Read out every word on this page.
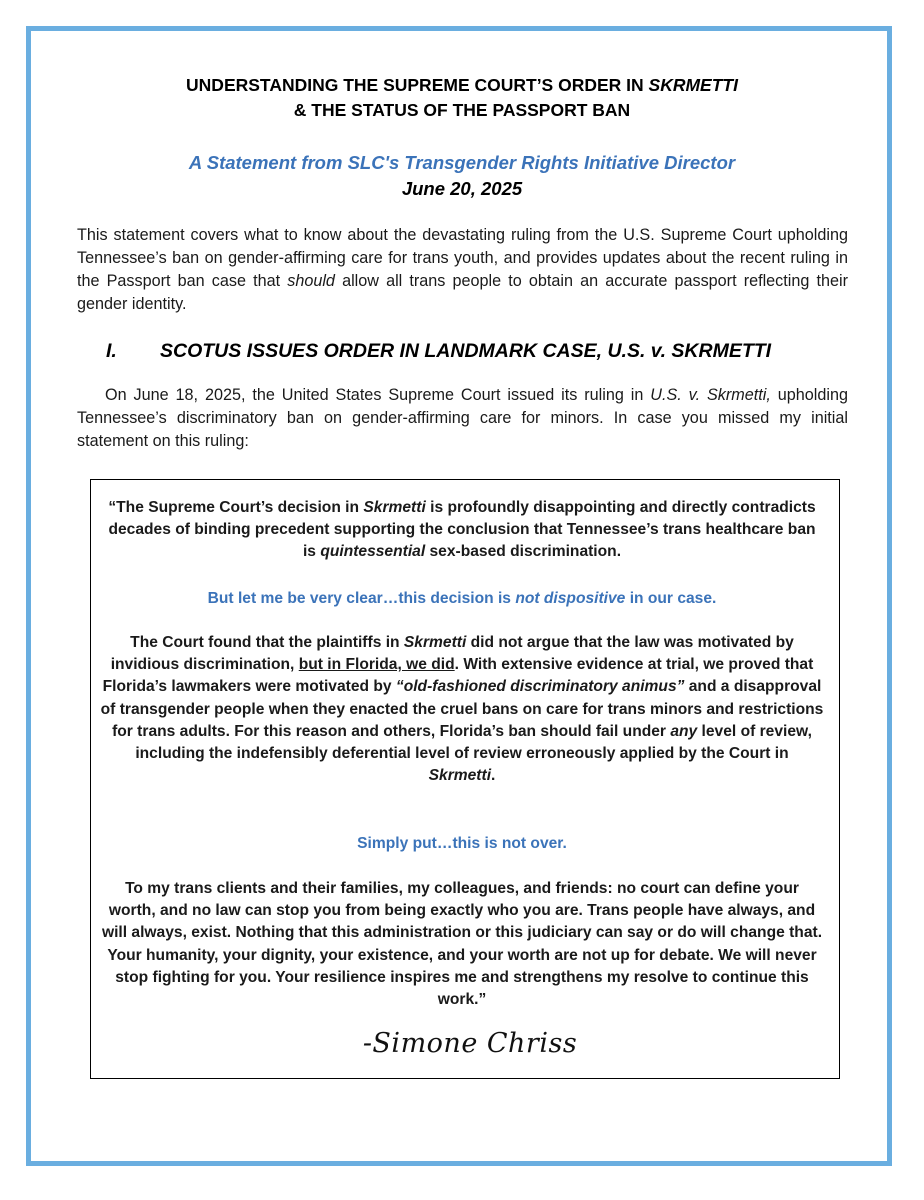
UNDERSTANDING THE SUPREME COURT’S ORDER IN SKRMETTI
& THE STATUS OF THE PASSPORT BAN
A Statement from SLC's Transgender Rights Initiative Director
June 20, 2025
This statement covers what to know about the devastating ruling from the U.S. Supreme Court upholding Tennessee’s ban on gender-affirming care for trans youth, and provides updates about the recent ruling in the Passport ban case that should allow all trans people to obtain an accurate passport reflecting their gender identity.
I. SCOTUS ISSUES ORDER IN LANDMARK CASE, U.S. v. SKRMETTI
On June 18, 2025, the United States Supreme Court issued its ruling in U.S. v. Skrmetti, upholding Tennessee’s discriminatory ban on gender-affirming care for minors. In case you missed my initial statement on this ruling:
“The Supreme Court’s decision in Skrmetti is profoundly disappointing and directly contradicts decades of binding precedent supporting the conclusion that Tennessee’s trans healthcare ban is quintessential sex-based discrimination.
But let me be very clear…this decision is not dispositive in our case.
The Court found that the plaintiffs in Skrmetti did not argue that the law was motivated by invidious discrimination, but in Florida, we did. With extensive evidence at trial, we proved that Florida’s lawmakers were motivated by “old-fashioned discriminatory animus” and a disapproval of transgender people when they enacted the cruel bans on care for trans minors and restrictions for trans adults. For this reason and others, Florida’s ban should fail under any level of review, including the indefensibly deferential level of review erroneously applied by the Court in Skrmetti.
Simply put…this is not over.
To my trans clients and their families, my colleagues, and friends: no court can define your worth, and no law can stop you from being exactly who you are. Trans people have always, and will always, exist. Nothing that this administration or this judiciary can say or do will change that. Your humanity, your dignity, your existence, and your worth are not up for debate. We will never stop fighting for you. Your resilience inspires me and strengthens my resolve to continue this work.”
-Simone Chriss
